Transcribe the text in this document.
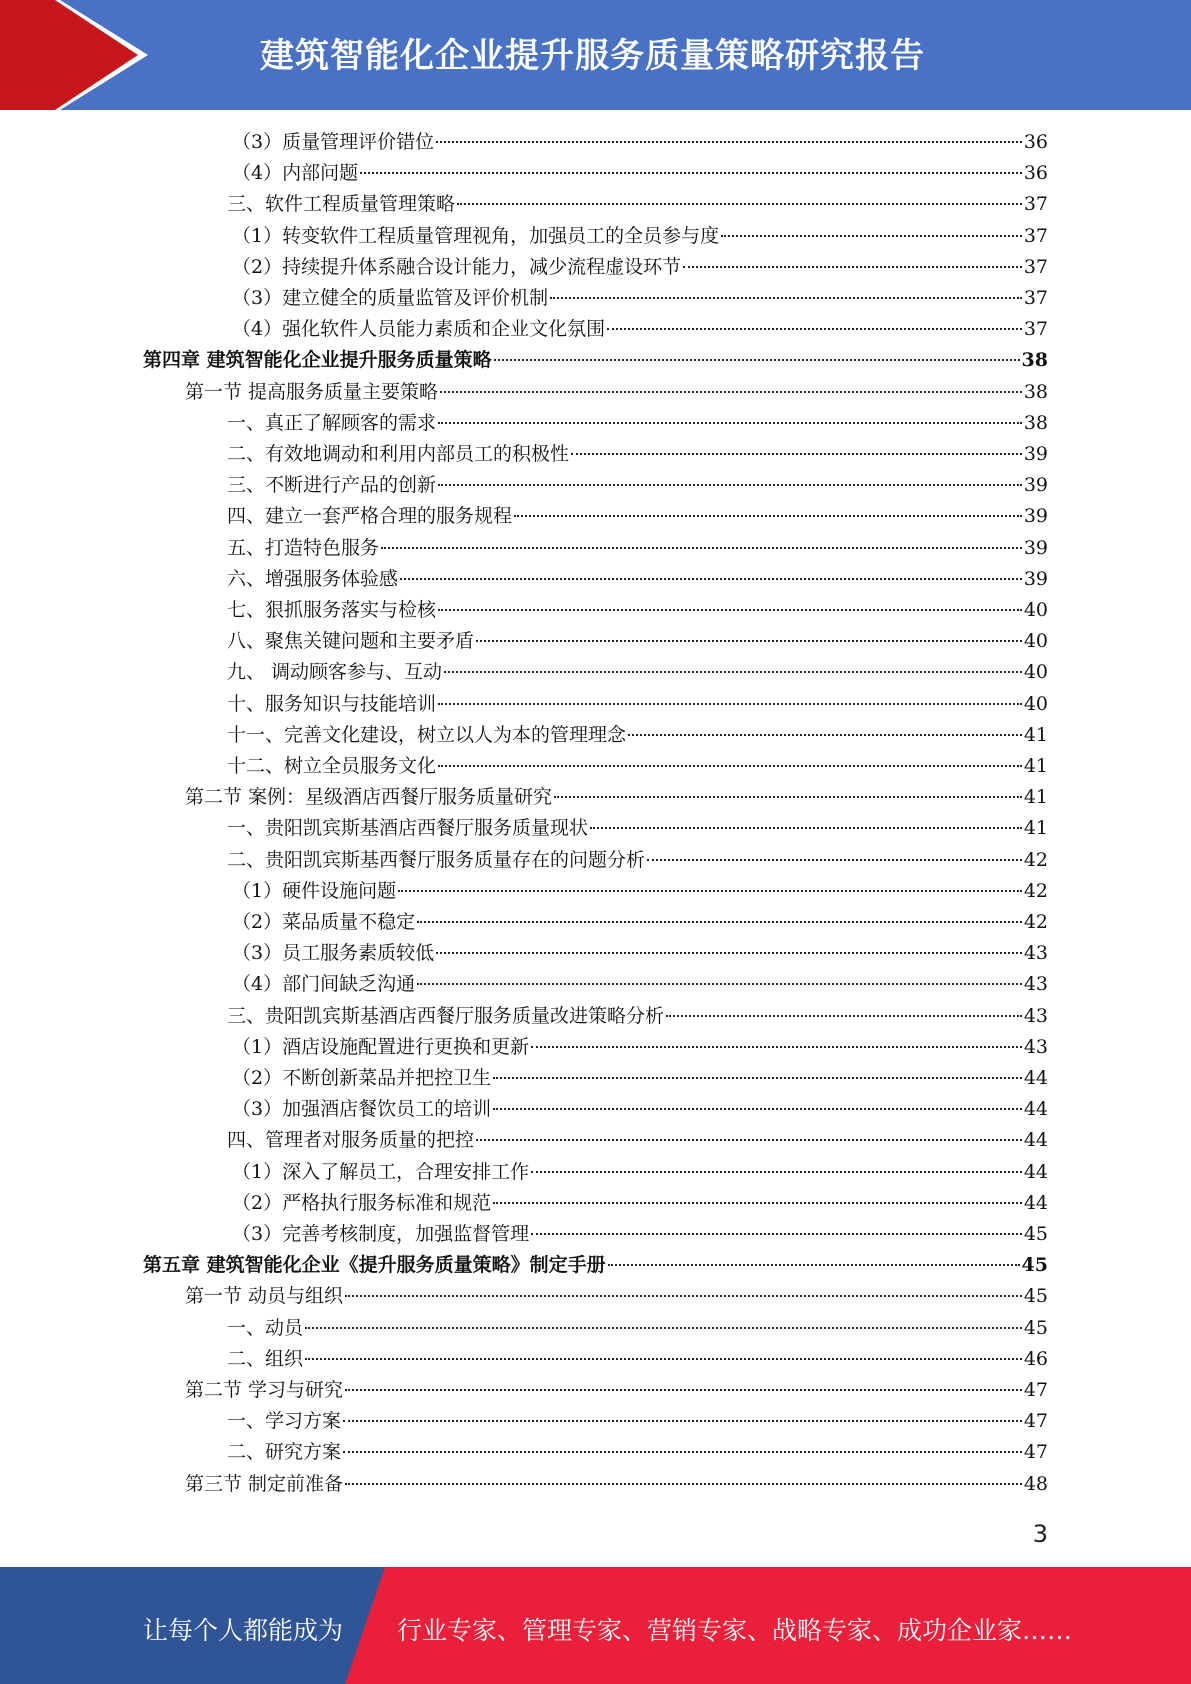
建筑智能化企业提升服务质量策略研究报告
（3）质量管理评价错位	36
（4）内部问题	36
三、软件工程质量管理策略	37
（1）转变软件工程质量管理视角，加强员工的全员参与度	37
（2）持续提升体系融合设计能力，减少流程虚设环节	37
（3）建立健全的质量监管及评价机制	37
（4）强化软件人员能力素质和企业文化氛围	37
第四章 建筑智能化企业提升服务质量策略	38
第一节 提高服务质量主要策略	38
一、真正了解顾客的需求	38
二、有效地调动和利用内部员工的积极性	39
三、不断进行产品的创新	39
四、建立一套严格合理的服务规程	39
五、打造特色服务	39
六、增强服务体验感	39
七、狠抓服务落实与检核	40
八、聚焦关键问题和主要矛盾	40
九、 调动顾客参与、互动	40
十、服务知识与技能培训	40
十一、完善文化建设，树立以人为本的管理理念	41
十二、树立全员服务文化	41
第二节 案例：星级酒店西餐厅服务质量研究	41
一、贵阳凯宾斯基酒店西餐厅服务质量现状	41
二、贵阳凯宾斯基西餐厅服务质量存在的问题分析	42
（1）硬件设施问题	42
（2）菜品质量不稳定	42
（3）员工服务素质较低	43
（4）部门间缺乏沟通	43
三、贵阳凯宾斯基酒店西餐厅服务质量改进策略分析	43
（1）酒店设施配置进行更换和更新	43
（2）不断创新菜品并把控卫生	44
（3）加强酒店餐饮员工的培训	44
四、管理者对服务质量的把控	44
（1）深入了解员工，合理安排工作	44
（2）严格执行服务标准和规范	44
（3）完善考核制度，加强监督管理	45
第五章 建筑智能化企业《提升服务质量策略》制定手册	45
第一节 动员与组织	45
一、动员	45
二、组织	46
第二节 学习与研究	47
一、学习方案	47
二、研究方案	47
第三节 制定前准备	48
3
让每个人都能成为 行业专家、管理专家、营销专家、战略专家、成功企业家……
